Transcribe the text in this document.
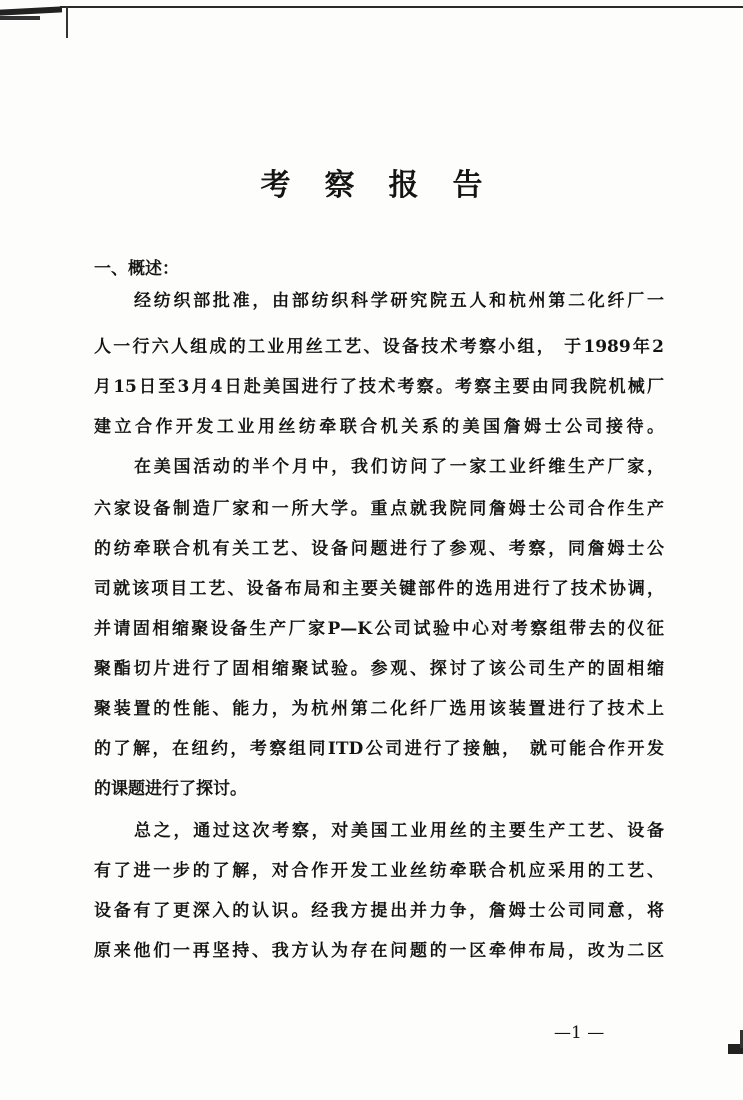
考察报告
一、概述：
经纺织部批准，由部纺织科学研究院五人和杭州第二化纤厂一
人一行六人组成的工业用丝工艺、设备技术考察小组， 于1989年2
月15日至3月4日赴美国进行了技术考察。考察主要由同我院机械厂
建立合作开发工业用丝纺牵联合机关系的美国詹姆士公司接待。
在美国活动的半个月中，我们访问了一家工业纤维生产厂家，
六家设备制造厂家和一所大学。重点就我院同詹姆士公司合作生产
的纺牵联合机有关工艺、设备问题进行了参观、考察，同詹姆士公
司就该项目工艺、设备布局和主要关键部件的选用进行了技术协调，
并请固相缩聚设备生产厂家P—K公司试验中心对考察组带去的仪征
聚酯切片进行了固相缩聚试验。参观、探讨了该公司生产的固相缩
聚装置的性能、能力，为杭州第二化纤厂选用该装置进行了技术上
的了解，在纽约，考察组同ITD公司进行了接触， 就可能合作开发
的课题进行了探讨。
总之，通过这次考察，对美国工业用丝的主要生产工艺、设备
有了进一步的了解，对合作开发工业丝纺牵联合机应采用的工艺、
设备有了更深入的认识。经我方提出并力争，詹姆士公司同意，将
原来他们一再坚持、我方认为存在问题的一区牵伸布局，改为二区
—1 —
